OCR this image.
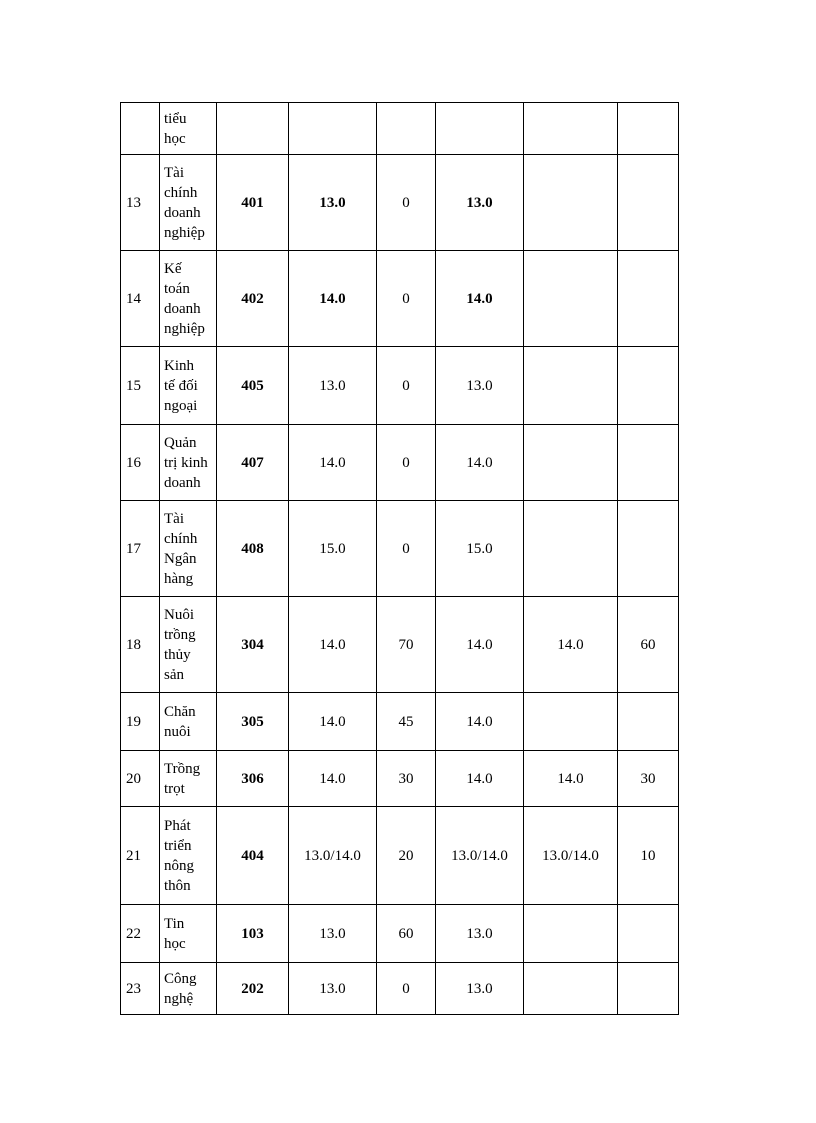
	tiểu
học						
13	Tài
chính
doanh
nghiệp	401	13.0	0	13.0		
14	Kế
toán
doanh
nghiệp	402	14.0	0	14.0		
15	Kinh
tế đối
ngoại	405	13.0	0	13.0		
16	Quản
trị kinh
doanh	407	14.0	0	14.0		
17	Tài
chính
Ngân
hàng	408	15.0	0	15.0		
18	Nuôi
trồng
thủy
sản	304	14.0	70	14.0	14.0	60
19	Chăn
nuôi	305	14.0	45	14.0		
20	Trồng
trọt	306	14.0	30	14.0	14.0	30
21	Phát
triển
nông
thôn	404	13.0/14.0	20	13.0/14.0	13.0/14.0	10
22	Tin
học	103	13.0	60	13.0		
23	Công
nghệ	202	13.0	0	13.0		
